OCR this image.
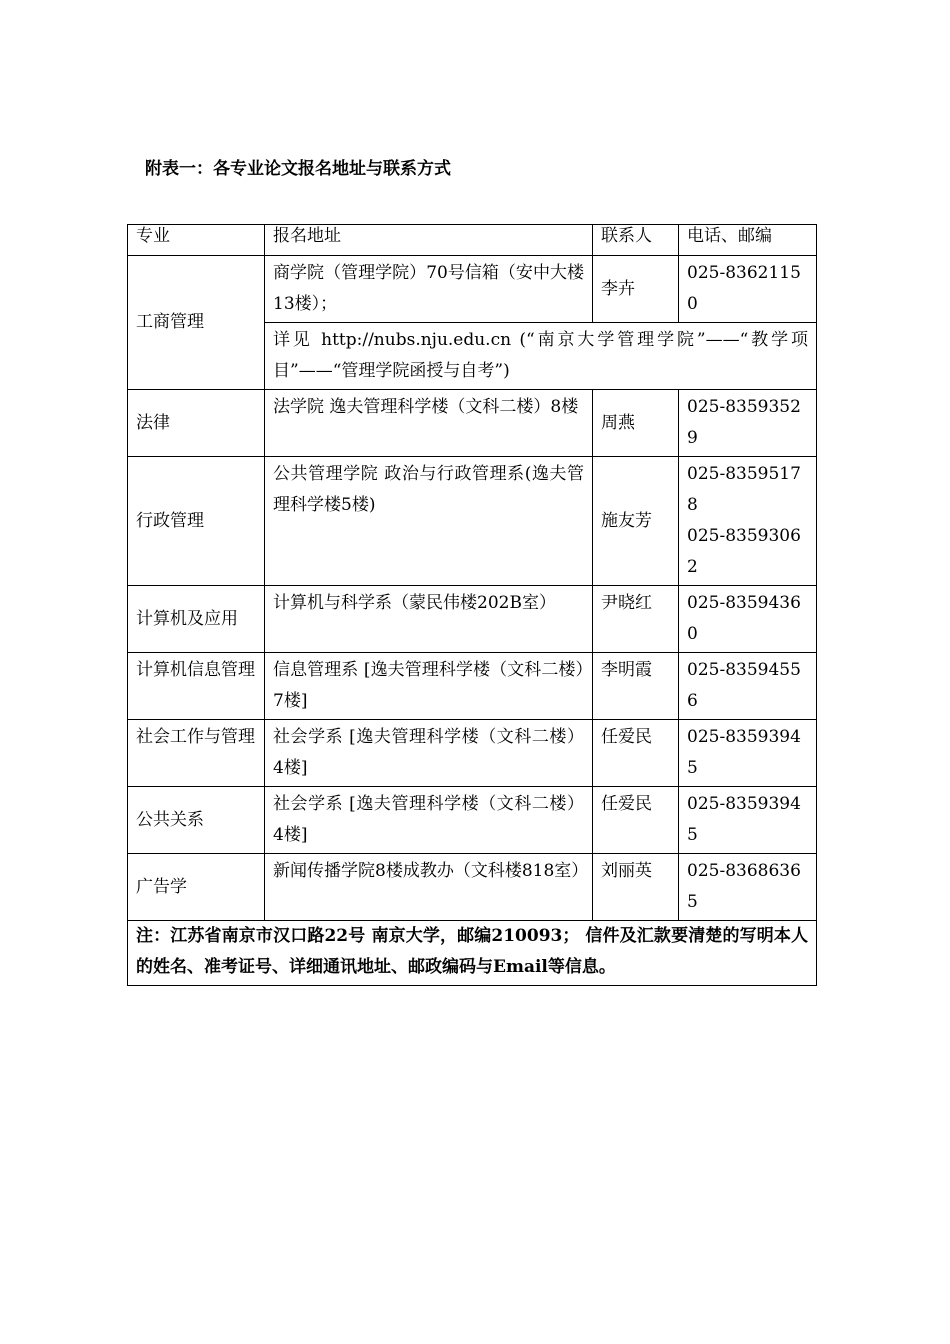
附表一：各专业论文报名地址与联系方式
专业	报名地址	联系人	电话、邮编
工商管理	商学院（管理学院）70号信箱（安中大楼13楼）；	李卉	025-83621150
	详见 http://nubs.nju.edu.cn (“南京大学管理学院”——“教学项目”——“管理学院函授与自考”)		
法律	法学院 逸夫管理科学楼（文科二楼）8楼	周燕	025-83593529
行政管理	公共管理学院 政治与行政管理系(逸夫管理科学楼5楼)	施友芳	025-83595178
025-83593062

计算机及应用	计算机与科学系（蒙民伟楼202B室）	尹晓红	025-83594360
计算机信息管理	信息管理系 [逸夫管理科学楼（文科二楼）7楼]	李明霞	025-83594556
社会工作与管理	社会学系 [逸夫管理科学楼（文科二楼）4楼]	任爱民	025-83593945
公共关系	社会学系 [逸夫管理科学楼（文科二楼）4楼]	任爱民	025-83593945
广告学	新闻传播学院8楼成教办（文科楼818室）	刘丽英	025-83686365
注：江苏省南京市汉口路22号 南京大学，邮编210093； 信件及汇款要清楚的写明本人的姓名、准考证号、详细通讯地址、邮政编码与Email等信息。			
